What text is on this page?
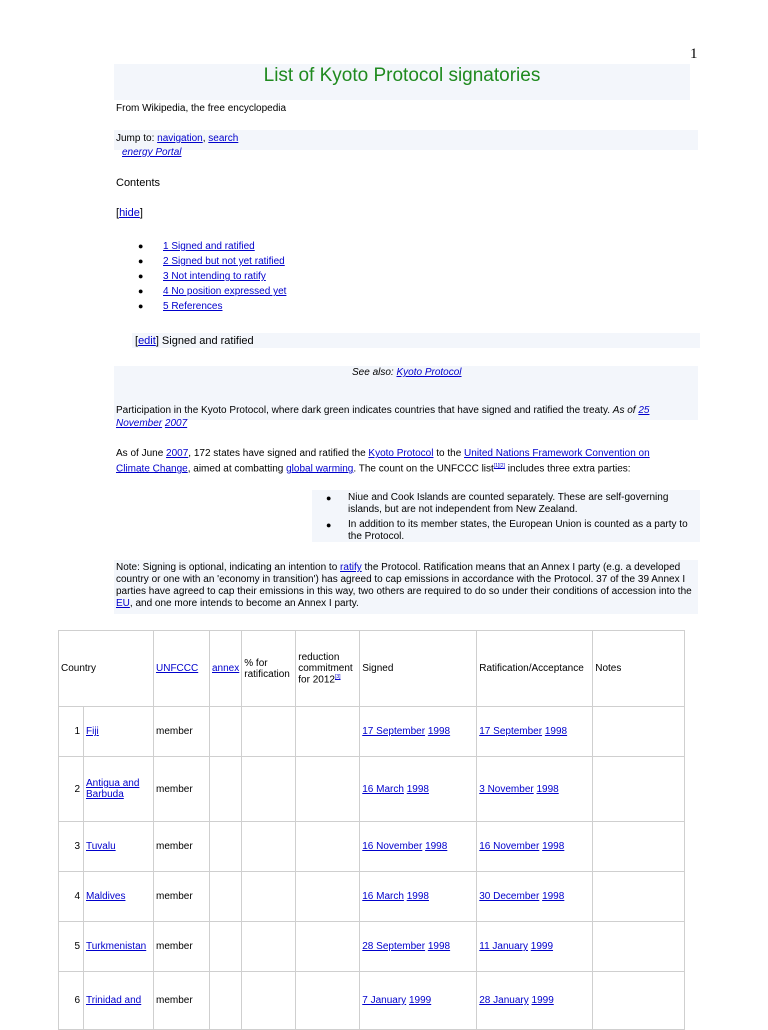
1
List of Kyoto Protocol signatories
From Wikipedia, the free encyclopedia
Jump to: navigation, search
energy Portal
Contents
[hide]
●	1 Signed and ratified
●	2 Signed but not yet ratified
●	3 Not intending to ratify
●	4 No position expressed yet
●	5 References
[edit] Signed and ratified
See also: Kyoto Protocol
Participation in the Kyoto Protocol, where dark green indicates countries that have signed and ratified the treaty. As of 25 November 2007
As of June 2007, 172 states have signed and ratified the Kyoto Protocol to the United Nations Framework Convention on Climate Change, aimed at combatting global warming. The count on the UNFCCC list[1][2] includes three extra parties:
●	Niue and Cook Islands are counted separately. These are self-governing islands, but are not independent from New Zealand.
●	In addition to its member states, the European Union is counted as a party to the Protocol.
Note: Signing is optional, indicating an intention to ratify the Protocol. Ratification means that an Annex I party (e.g. a developed country or one with an 'economy in transition') has agreed to cap emissions in accordance with the Protocol. 37 of the 39 Annex I parties have agreed to cap their emissions in this way, two others are required to do so under their conditions of accession into the EU, and one more intends to become an Annex I party.
Country		UNFCCC	annex	% for ratification	reduction commitment for 2012[3]	Signed	Ratification/Acceptance	Notes
1	Fiji	member				17 September 1998	17 September 1998	
2	Antigua and Barbuda	member				16 March 1998	3 November 1998	
3	Tuvalu	member				16 November 1998	16 November 1998	
4	Maldives	member				16 March 1998	30 December 1998	
5	Turkmenistan	member				28 September 1998	11 January 1999	
6	Trinidad and	member				7 January 1999	28 January 1999	
